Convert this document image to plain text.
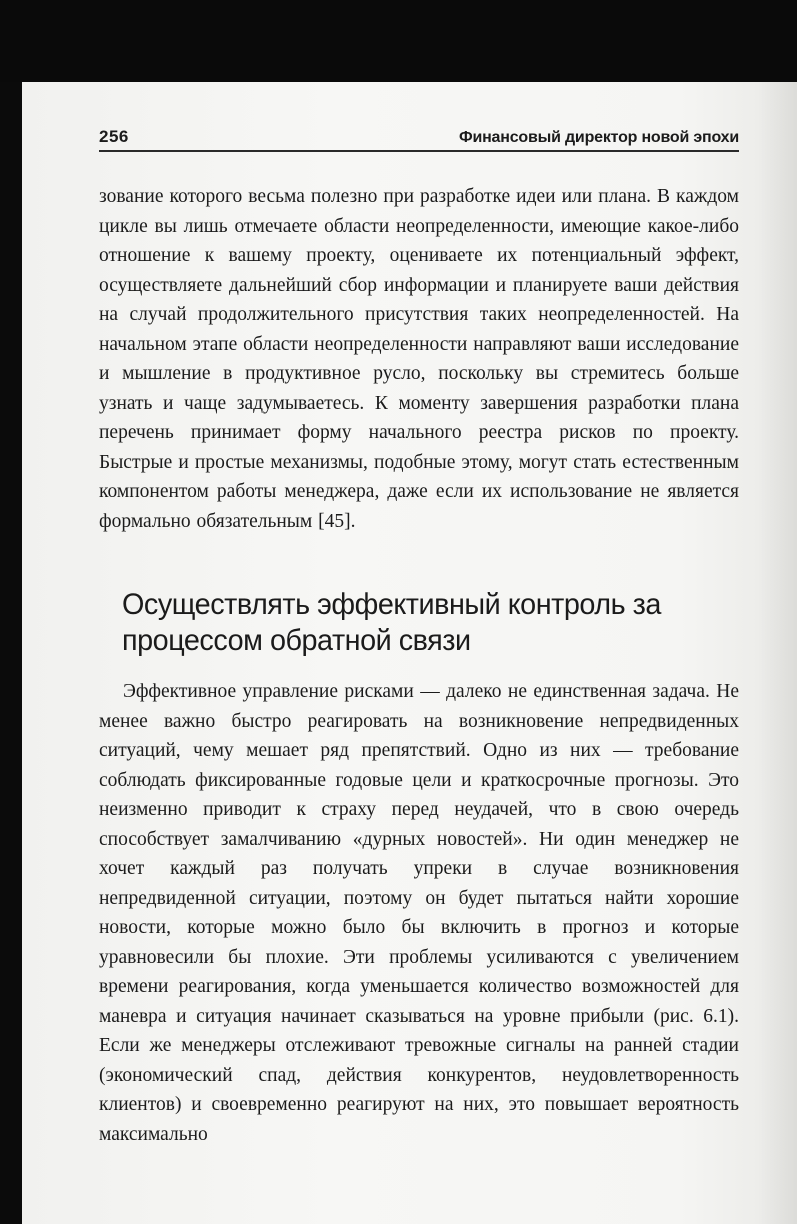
256	Финансовый директор новой эпохи

зование которого весьма полезно при разработке идеи или плана. В каждом цикле вы лишь отмечаете области неопределенности, имеющие какое-либо отношение к вашему проекту, оцениваете их потенциальный эффект, осуществляете дальнейший сбор информации и планируете ваши действия на случай продолжительного присутствия таких неопределенностей. На начальном этапе области неопределенности направляют ваши исследование и мышление в продуктивное русло, поскольку вы стремитесь больше узнать и чаще задумываетесь. К моменту завершения разработки плана перечень принимает форму начального реестра рисков по проекту. Быстрые и простые механизмы, подобные этому, могут стать естественным компонентом работы менеджера, даже если их использование не является формально обязательным [45].

Осуществлять эффективный контроль за процессом обратной связи

Эффективное управление рисками — далеко не единственная задача. Не менее важно быстро реагировать на возникновение непредвиденных ситуаций, чему мешает ряд препятствий. Одно из них — требование соблюдать фиксированные годовые цели и краткосрочные прогнозы. Это неизменно приводит к страху перед неудачей, что в свою очередь способствует замалчиванию «дурных новостей». Ни один менеджер не хочет каждый раз получать упреки в случае возникновения непредвиденной ситуации, поэтому он будет пытаться найти хорошие новости, которые можно было бы включить в прогноз и которые уравновесили бы плохие. Эти проблемы усиливаются с увеличением времени реагирования, когда уменьшается количество возможностей для маневра и ситуация начинает сказываться на уровне прибыли (рис. 6.1). Если же менеджеры отслеживают тревожные сигналы на ранней стадии (экономический спад, действия конкурентов, неудовлетворенность клиентов) и своевременно реагируют на них, это повышает вероятность максимально
